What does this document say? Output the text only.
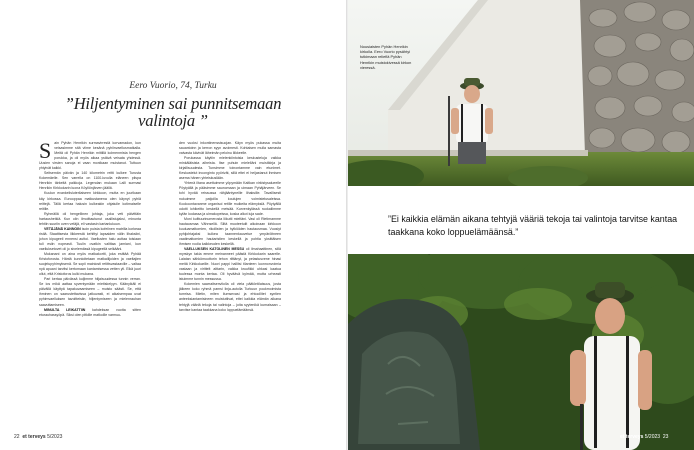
Eero Vuorio, 74, Turku
”Hiljentyminen sai punnitsemaan valintoja ”
S ain Pyhän Henrikin surmavirrestä korvamadon, kun veisasimme sitä viime kesänä pyhiinvaellusmatkalla. Meitä oli Pyhän Henrikin mittillä kolmenmista hengen porukka, ja oli myös aikaa ystävä veisata yhdessä. Uusien virsien sanoja ei vaan monikaan muistanut. Tuttuun yhtyivät kaikki.

Seitsemän päivän ja 140 kilometrin reitti kulkee Turusta Kokemäelle. Sen varrella on 1100-luvulla eläneen piispa Henrikin tärkeitä paikkoja. Legendan mukaan Lalli surmasi Henrikin Kirkkokarin luona Köyliönjärven jäällä.

Kuulun evankelisluterilaiseen kirkkoon, mutta en juurikaan käy kirkossa. Eurooppaa matkustanena olen käynyt pyhiä reittejä. Tällä kertaa halusin kulkeakin ohjatulle kotimaiselle reitille.

Ryhmällä oli hengellinen johtaja, joka veti päivittäin hartaushetkiä. Kun olin ilmoittautunut osallistujaksi, minunta tehtiin suuriin oven vetäjä, eli vastasin kartanlukuun.

VETÄJÄNÄ KANNOIN isoin puista kofeiinen matrilla korkeaa ristiä. Staattisesta liikkeestä kehittyi lapsaiden välin lihaksiini, johon kipugeeli ennensi auttoi. Vaellusten halu auttaa toisiaan tuli esiin nopeasti. Tuulin ovatkin valittaa jamiani, kun vaelluksetovet oli jo sivelemässä kipugeeliä selkääni.

Mukanani on aina myös matkakortti, joka esittää Pyhää Kristoforosta. Häntä kunnioitetaan matkailijoiden ja vaeltajien suojelupyhimyksenä. Se sopii mainiosti retittsvastaaville – valtaa nyä apuani tarvitsi kertomaan kantamisessa vetten yli. Eikä juuri ollut, että Kristoforos kulki mukana.

Pari kertaa päivässä kuljimme hiljaisuudessa tunnin verran. Se ios mikä aattaa syventymään mietiskelyyn. Käänyikäli ei päivällä käyttyä tapakuvaamiseen – muisto säästi. Se, että ihminen on saarustettavissa jatkuvasti, ei aikaisempaa uvat pyhimvaelluksen tavoitteisiin, hiljentymiseen ja mielenrauhan saavuttamiseen.

MINULTA LEIKATTIIN kahdeksan vuotta sitten eturauhassyöpä. Siksi olen pitkille matkoille varmuu-

den vuoksi inkontinenssisuojan. Käyn myös pukassa muita sauantoinn ja kerron syyn avoimesti. Kohtaisen mulla samasta vaivasta kävivät läheimän peloinu liikkeelle.

Porukassa käytiin mielenkiintoisia keskusteluja vaikka minkäläisista aiheista. Itse puhuin mielelläni muistikirja ja kirjallisuudesta. Tunsimme toinontamme vain etunimet. Keskustelut inconginto pyörivät, sillä ettei ei heijastanut ihmisen asema hänen yhteiskuslään.

Yhtenä iltana asettuimme yöpymään Kaitkan virkistysalueelle Pöytyällä ja pääsimme saunomaan ja uimaan Pyhäjärveen. Se tohi hyvää reissussa rähjääntyneille lihaksille. Tavallisesti nukuimme patjoilla koulujen voimistelusaleissa. Kookoontavanme organisoi retille muikeita elämyksiä. Pöytyällä odotti lohikeitto keskellä metsää. Kurvenkylässä ruokailimme kylän kodassa ja uimakopeissa, koska alkot iuja sade.

Moni kulttuurinumerosta liikutti mieltäni. Vasi oli Rietimamme hautausmaa Vähnsellä. Siltä muoteetuiit aikoinaan kirkkoon kuuluamattomien, rikollisten ja hylkiöiden hautausmaa. Vuosiyt pyhijohtajaksi kulkea taannenkauvelue ympäröitneen vaatimattomien hautaristien keskellä ja pohtia yksittäisen ihmisen roolia kaikkeuden keskellä.

VAELLUKSEN KATOLINEN MESSU oli ilmahaattinen, sillä myrskyn takia emme meinanneet päästä Kirkkokarin saarelle. Laiatan sähkömoottorin tehon riittänyt, ja pelastusvene hinasi meitä Kirkkokarille. Nuori pappi hallitsi tilanteen luonnonvoimia vastaan ja virittelt alttarin, vaikka kruufikki uhkasi kaatua tuulessa monta kertaa. Oli hyväävä kylmää, mutta urheasti istuimme tunnin messussa.

Kokemien saarraitsenviiolla oli viela päätöntilaisuus, josta jälkeen koko ryhmä pamsi linja-autolla Turkuun poukmoimista tumrisa. Mietin, miten ilumsevasí ja ehtoollitet syntien anteeksiantamisineen muistuttivat, ettei kaikkia elämän aikana tehtyjä vääriä tekoja tai valintoja – joita syytenikä kumaisaan – tarvitse kantaa taakkana koko loppuelämäänsä.

22 et terveys 5/2023
Nousiaisten Pyhän Henrikin kirkolla. Eero Vuorio pysähtyi tutkimaan reliefiä Pyhän Henrikin muistokivessä kirkon vieressä.
”Ei kaikkia elämän aikana tehtyjä vääriä tekoja tai valintoja tarvitse kantaa taakkana koko loppuelämäänsä.”
et terveys 5/2023 23
